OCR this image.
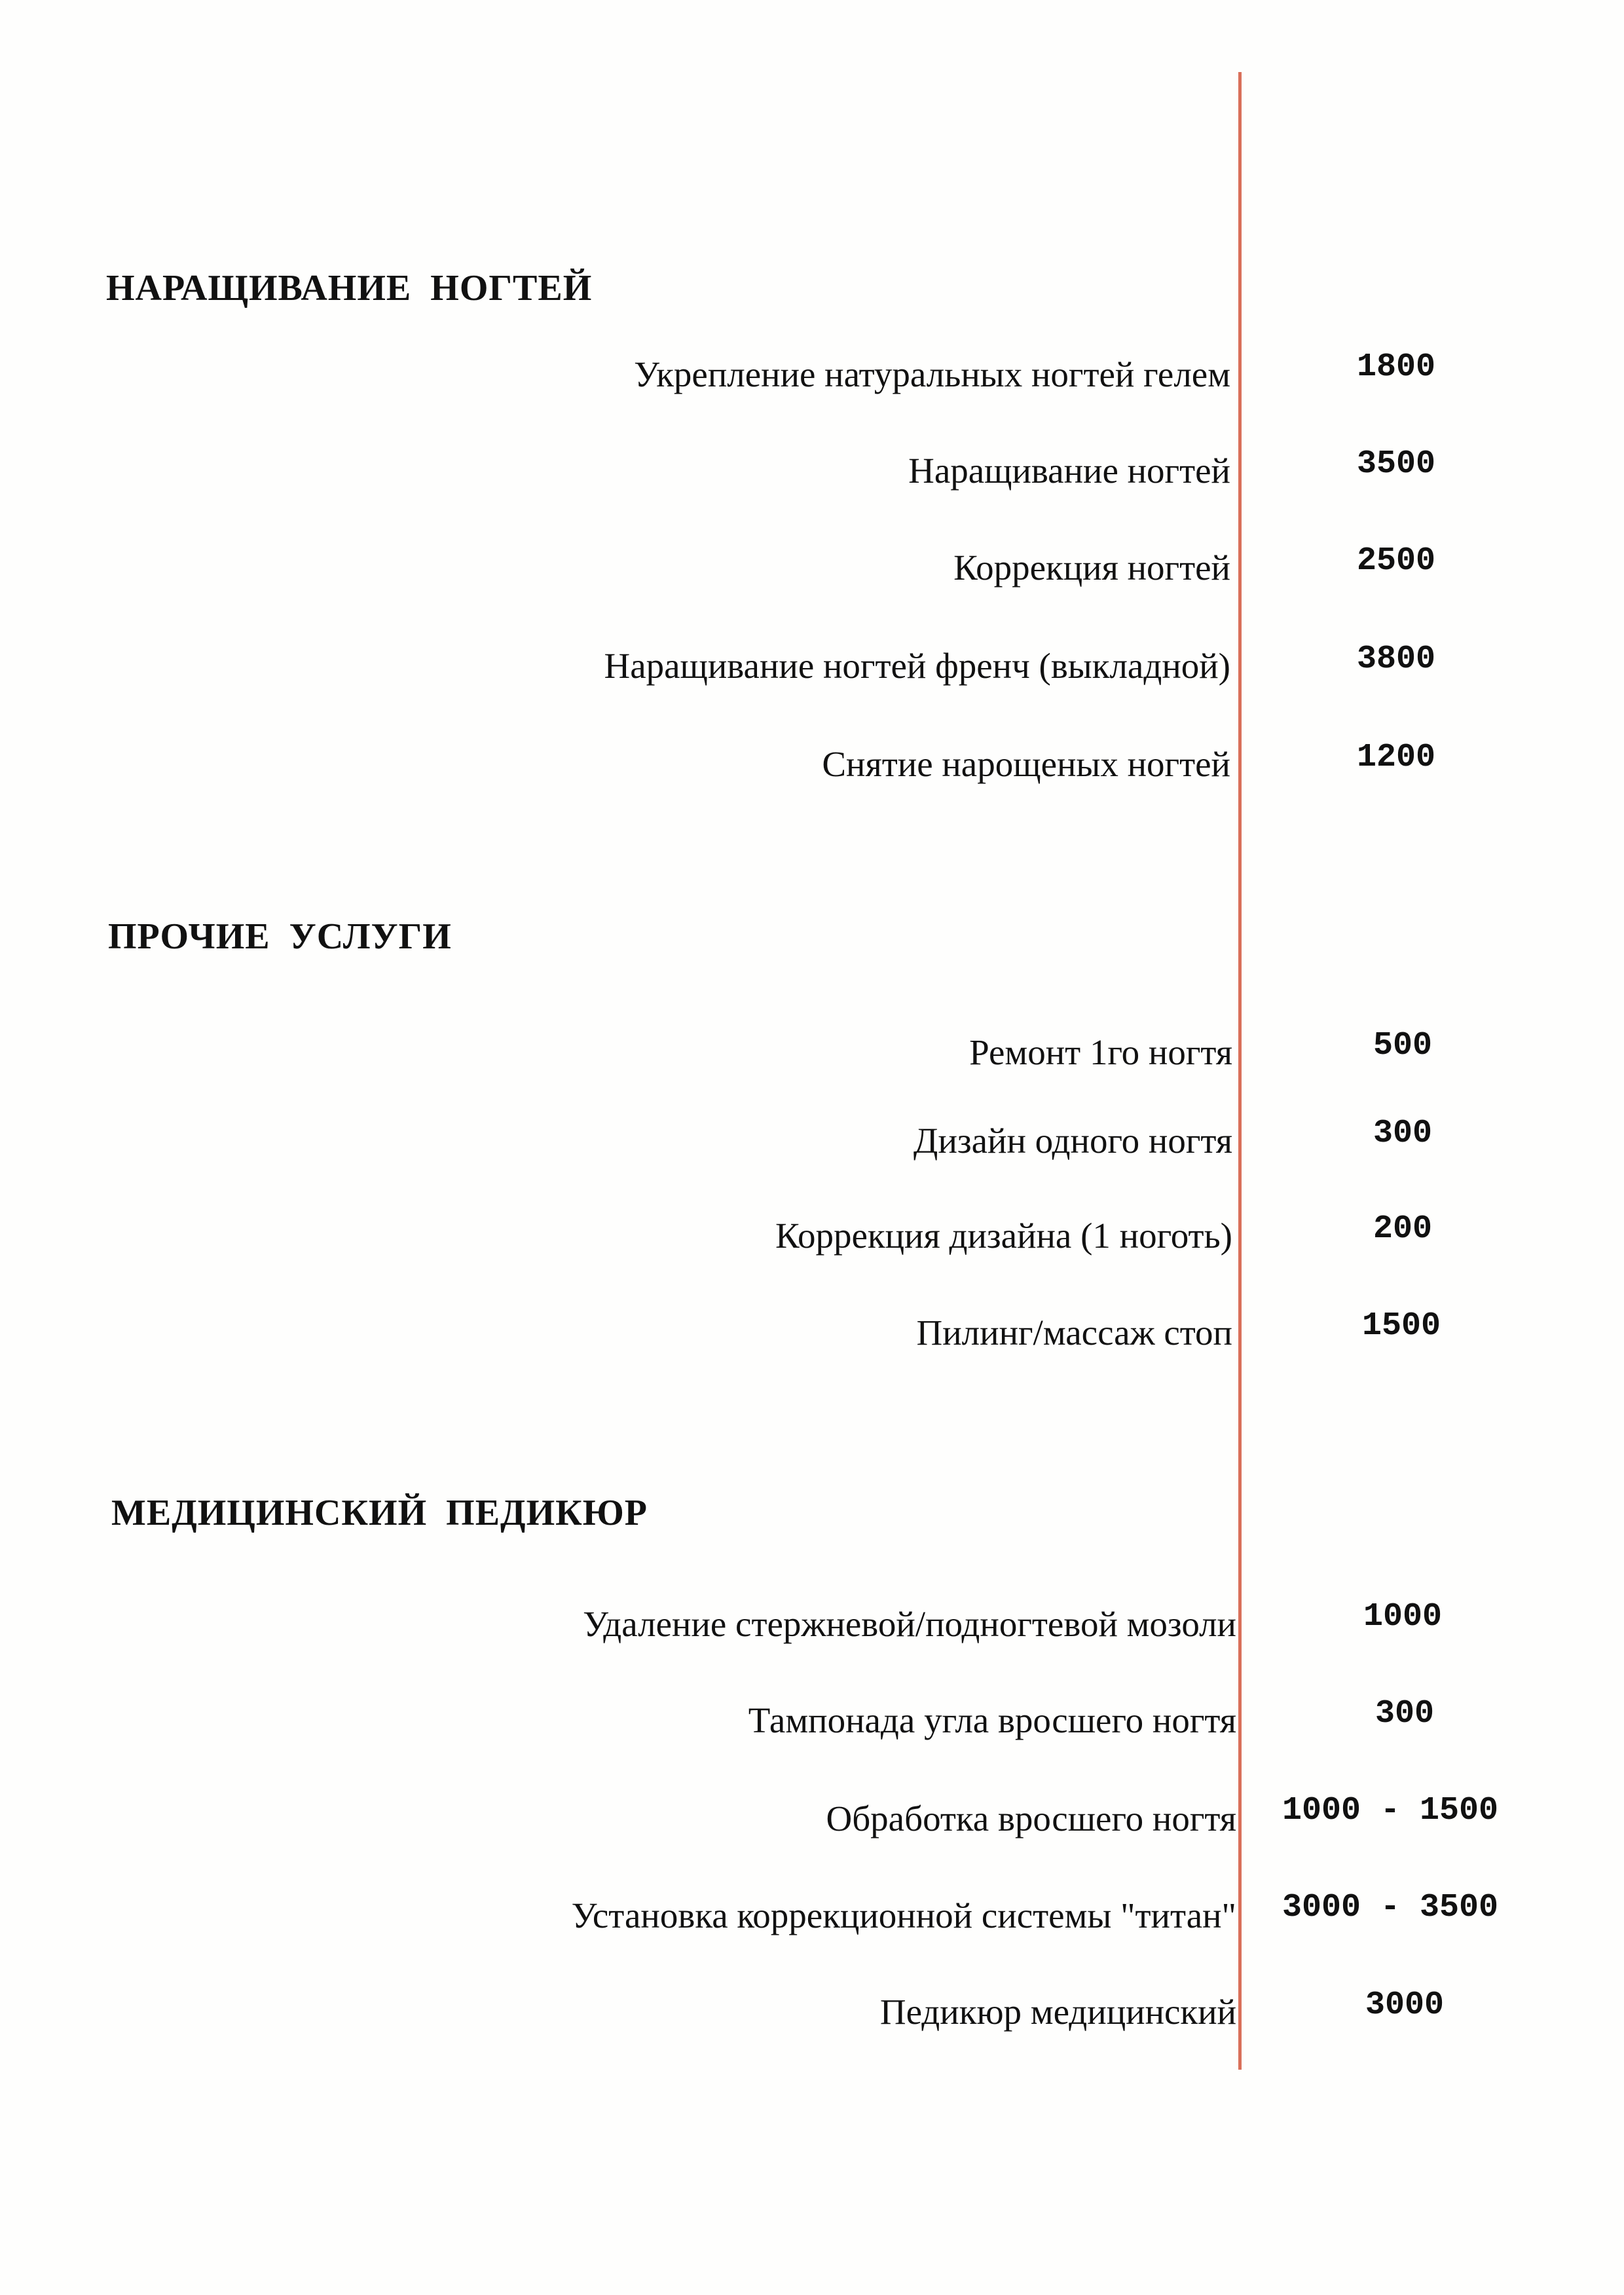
НАРАЩИВАНИЕ НОГТЕЙ
Укрепление натуральных ногтей гелем	1800
Наращивание ногтей	3500
Коррекция ногтей	2500
Наращивание ногтей френч (выкладной)	3800
Снятие нарощеных ногтей	1200
ПРОЧИЕ УСЛУГИ
Ремонт 1го ногтя	500
Дизайн одного ногтя	300
Коррекция дизайна (1 ноготь)	200
Пилинг/массаж стоп	1500
МЕДИЦИНСКИЙ ПЕДИКЮР
Удаление стержневой/подногтевой мозоли	1000
Тампонада угла вросшего ногтя	300
Обработка вросшего ногтя 1000 - 1500
Установка коррекционной системы "титан" 3000 - 3500
Педикюр медицинский	3000
